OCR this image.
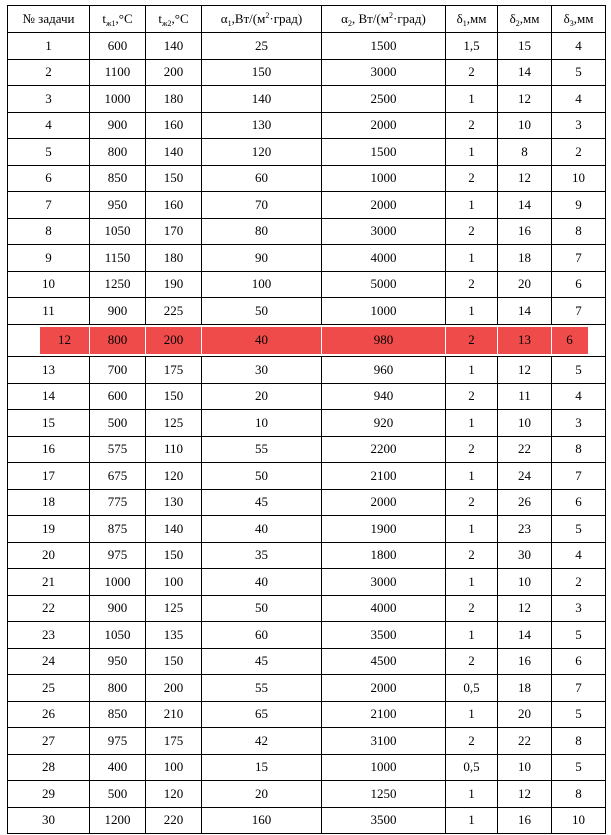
№ задачи	$t_{ж1},^\circ C$	$t_{ж2},^\circ C$	$\alpha_1,Вт/(м^2\cdot град)$	$\alpha_2$, $Вт/(м^2\cdot град)$	$\delta_1,мм$	$\delta_2,мм$	$\delta_3,мм$
1	600	140	25	1500	1,5	15	4
2	1100	200	150	3000	2	14	5
3	1000	180	140	2500	1	12	4
4	900	160	130	2000	2	10	3
5	800	140	120	1500	1	8	2
6	850	150	60	1000	2	12	10
7	950	160	70	2000	1	14	9
8	1050	170	80	3000	2	16	8
9	1150	180	90	4000	1	18	7
10	1250	190	100	5000	2	20	6
11	900	225	50	1000	1	14	7
12	800	200	40	980	2	13	6
13	700	175	30	960	1	12	5
14	600	150	20	940	2	11	4
15	500	125	10	920	1	10	3
16	575	110	55	2200	2	22	8
17	675	120	50	2100	1	24	7
18	775	130	45	2000	2	26	6
19	875	140	40	1900	1	23	5
20	975	150	35	1800	2	30	4
21	1000	100	40	3000	1	10	2
22	900	125	50	4000	2	12	3
23	1050	135	60	3500	1	14	5
24	950	150	45	4500	2	16	6
25	800	200	55	2000	0,5	18	7
26	850	210	65	2100	1	20	5
27	975	175	42	3100	2	22	8
28	400	100	15	1000	0,5	10	5
29	500	120	20	1250	1	12	8
30	1200	220	160	3500	1	16	10
